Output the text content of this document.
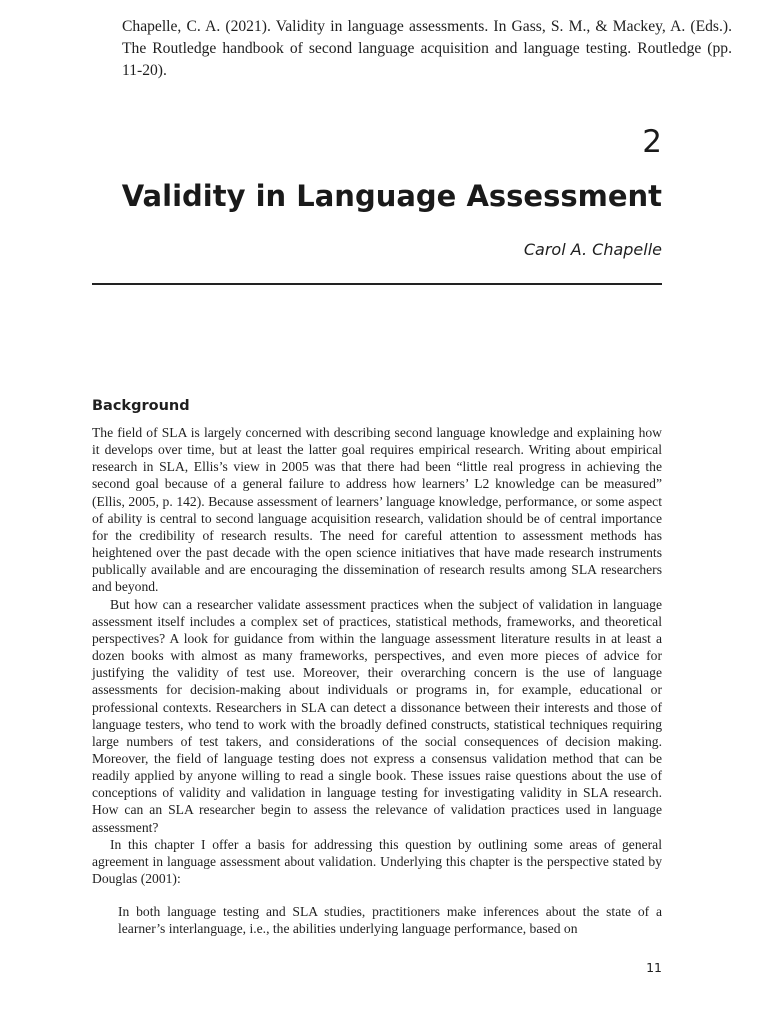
Chapelle, C. A. (2021). Validity in language assessments. In Gass, S. M., & Mackey, A. (Eds.). The Routledge handbook of second language acquisition and language testing. Routledge (pp. 11-20).
2
Validity in Language Assessment
Carol A. Chapelle
Background

The field of SLA is largely concerned with describing second language knowledge and explaining how it develops over time, but at least the latter goal requires empirical research. Writing about empirical research in SLA, Ellis’s view in 2005 was that there had been “little real progress in achieving the second goal because of a general failure to address how learners’ L2 knowledge can be measured” (Ellis, 2005, p. 142). Because assessment of learners’ language knowledge, performance, or some aspect of ability is central to second language acquisition research, validation should be of central importance for the credibility of research results. The need for careful attention to assessment methods has heightened over the past decade with the open science initiatives that have made research instruments publically available and are encouraging the dissemination of research results among SLA researchers and beyond.

But how can a researcher validate assessment practices when the subject of validation in language assessment itself includes a complex set of practices, statistical methods, frameworks, and theoretical perspectives? A look for guidance from within the language assessment literature results in at least a dozen books with almost as many frameworks, perspectives, and even more pieces of advice for justifying the validity of test use. Moreover, their overarching concern is the use of language assessments for decision-making about individuals or programs in, for example, educational or professional contexts. Researchers in SLA can detect a dissonance between their interests and those of language testers, who tend to work with the broadly defined constructs, statistical techniques requiring large numbers of test takers, and considerations of the social consequences of decision making. Moreover, the field of language testing does not express a consensus validation method that can be readily applied by anyone willing to read a single book. These issues raise questions about the use of conceptions of validity and validation in language testing for investigating validity in SLA research. How can an SLA researcher begin to assess the relevance of validation practices used in language assessment?

In this chapter I offer a basis for addressing this question by outlining some areas of general agreement in language assessment about validation. Underlying this chapter is the perspective stated by Douglas (2001):

In both language testing and SLA studies, practitioners make inferences about the state of a learner’s interlanguage, i.e., the abilities underlying language performance, based on

11
